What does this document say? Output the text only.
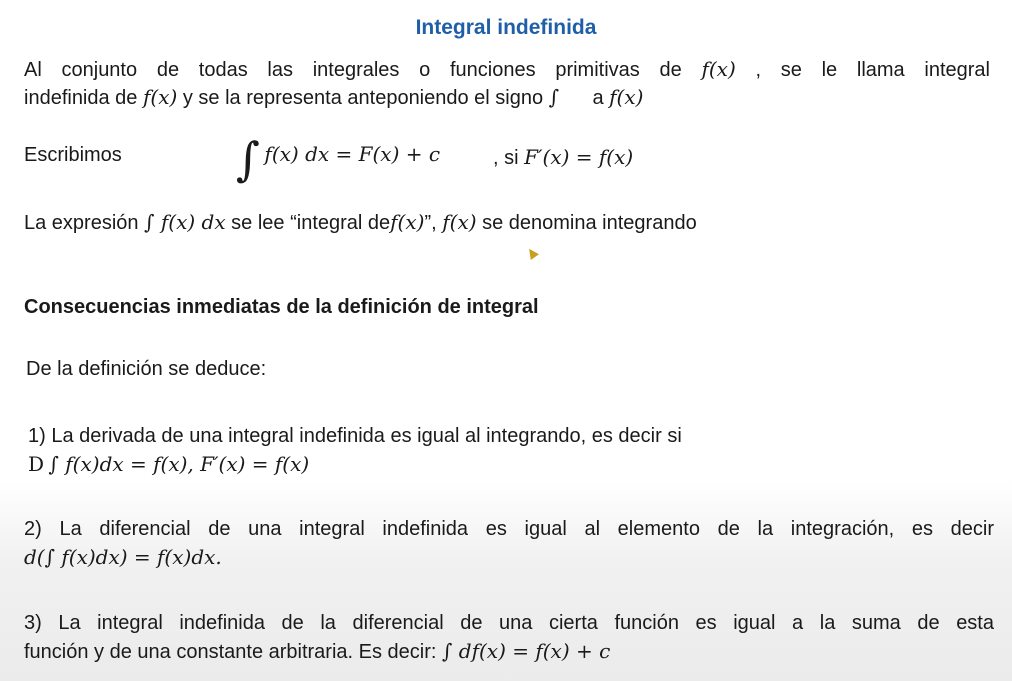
Integral indefinida
Al conjunto de todas las integrales o funciones primitivas de f(x) , se le llama integral
indefinida de f(x) y se la representa anteponiendo el signo ∫ a f(x)
Escribimos ∫ f(x) dx = F(x) + c	, si F′(x) = f(x)
La expresión ∫ f(x) dx se lee “integral def(x)”, f(x) se denomina integrando
Consecuencias inmediatas de la definición de integral
De la definición se deduce:
1) La derivada de una integral indefinida es igual al integrando, es decir si
D ∫ f(x)dx = f(x), F′(x) = f(x)
2) La diferencial de una integral indefinida es igual al elemento de la integración, es decir
d(∫ f(x)dx) = f(x)dx.
3) La integral indefinida de la diferencial de una cierta función es igual a la suma de esta
función y de una constante arbitraria. Es decir: ∫ df(x) = f(x) + c
